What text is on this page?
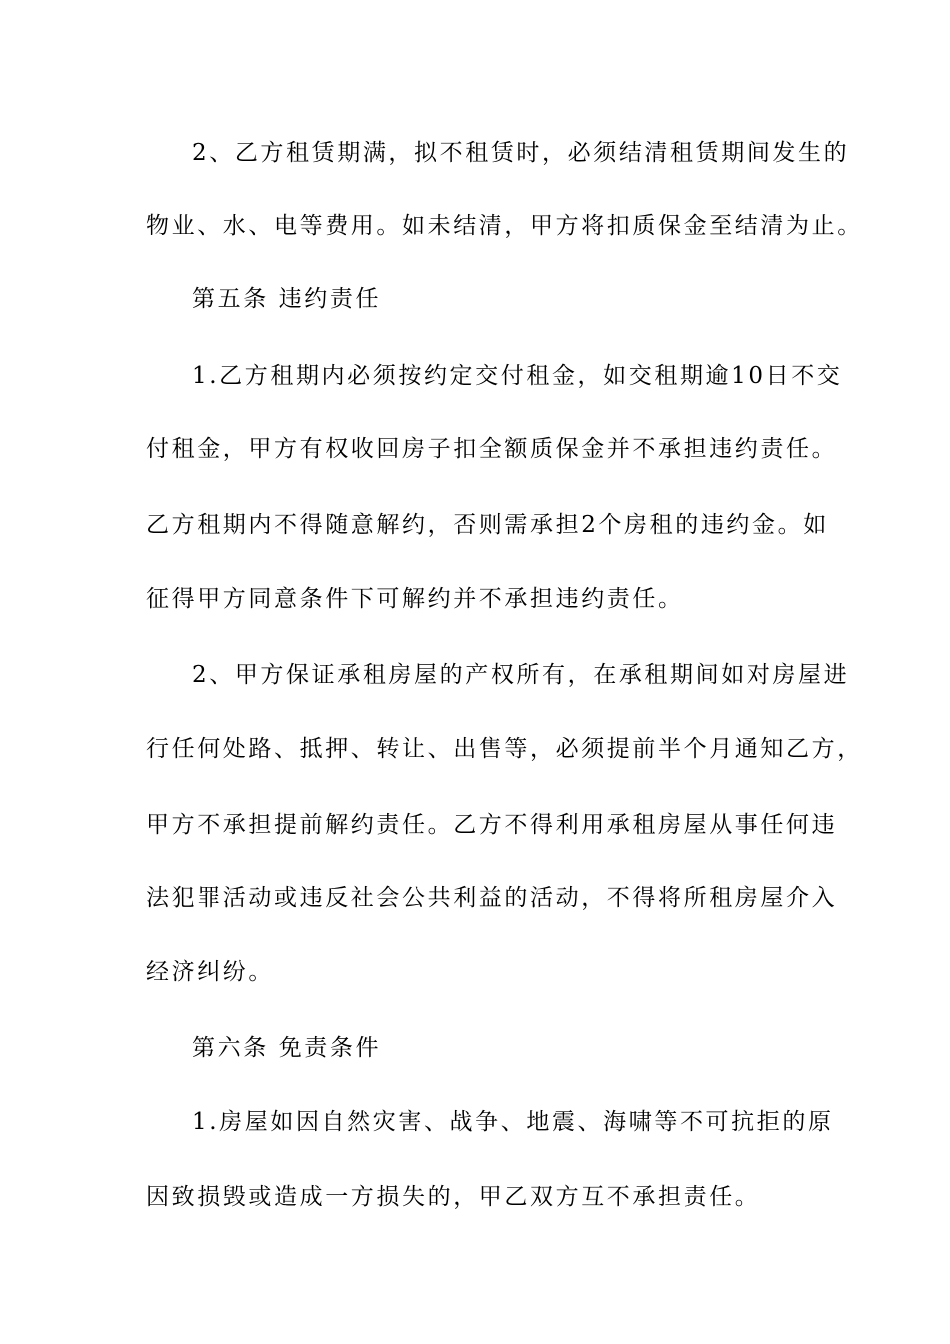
2、乙方租赁期满，拟不租赁时，必须结清租赁期间发生的
物业、水、电等费用。如未结清，甲方将扣质保金至结清为止。
第五条 违约责任
1.乙方租期内必须按约定交付租金，如交租期逾10日不交
付租金，甲方有权收回房子扣全额质保金并不承担违约责任。
乙方租期内不得随意解约，否则需承担2个房租的违约金。如
征得甲方同意条件下可解约并不承担违约责任。
2、甲方保证承租房屋的产权所有，在承租期间如对房屋进
行任何处路、抵押、转让、出售等，必须提前半个月通知乙方，
甲方不承担提前解约责任。乙方不得利用承租房屋从事任何违
法犯罪活动或违反社会公共利益的活动，不得将所租房屋介入
经济纠纷。
第六条 免责条件
1.房屋如因自然灾害、战争、地震、海啸等不可抗拒的原
因致损毁或造成一方损失的，甲乙双方互不承担责任。
